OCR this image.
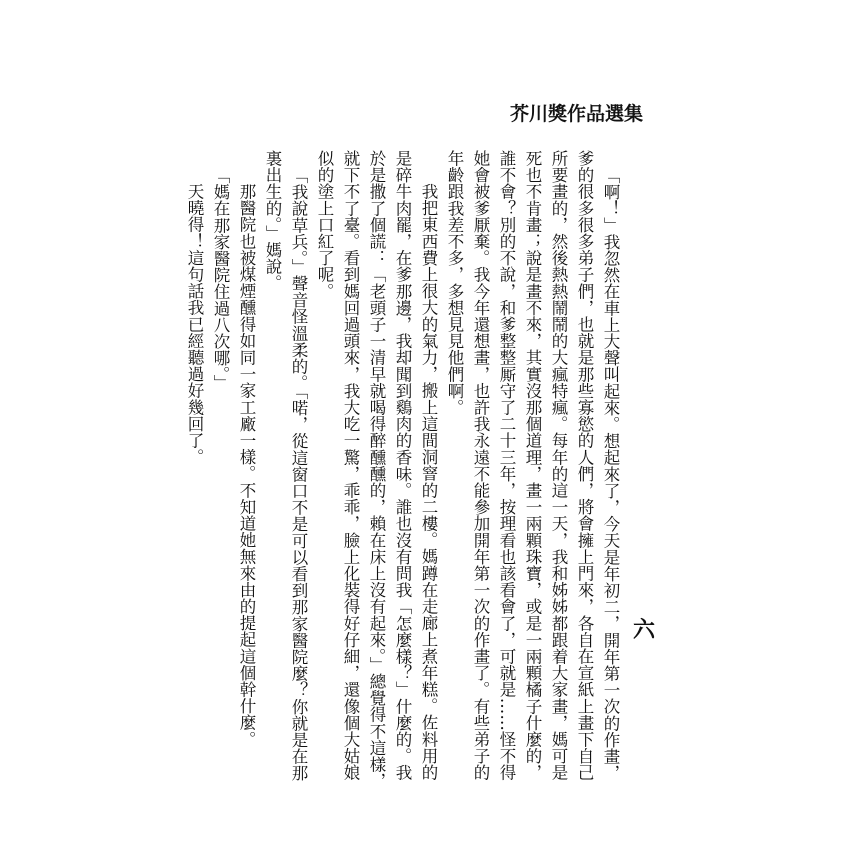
芥川獎作品選集
六

「啊！」我忽然在車上大聲叫起來。想起來了，今天是年初二，開年第一次的作畫，爹的很多很多弟子們，也就是那些寡慾的人們，將會擁上門來，各自在宣紙上畫下自己所要畫的，然後熱熱鬧鬧的大瘋特瘋。每年的這一天，我和姊姊都跟着大家畫，媽可是死也不肯畫；說是畫不來，其實沒那個道理，畫一兩顆珠寶，或是一兩顆橘子什麼的，誰不會？別的不說，和爹整整厮守了二十三年，按理看也該看會了，可就是……怪不得她會被爹厭棄。我今年還想畫，也許我永遠不能參加開年第一次的作畫了。有些弟子的年齡跟我差不多，多想見見他們啊。

我把東西費上很大的氣力，搬上這間洞窨的二樓。媽蹲在走廊上煮年糕。佐料用的是碎牛肉罷，在爹那邊，我却聞到鷄肉的香味。誰也沒有問我「怎麼樣？」什麼的。我於是撒了個謊：「老頭子一清早就喝得醉醺醺的，賴在床上沒有起來。」總覺得不這樣，就下不了臺。看到媽回過頭來，我大吃一驚，乖乖，臉上化裝得好仔細，還像個大姑娘似的塗上口紅了呢。

「我說草兵。」聲音怪溫柔的。「喏，從這窗口不是可以看到那家醫院麼？你就是在那裏出生的。」媽說。

那醫院也被煤煙醺得如同一家工廠一樣。不知道她無來由的提起這個幹什麼。

「媽在那家醫院住過八次哪。」

天曉得！這句話我已經聽過好幾回了。
